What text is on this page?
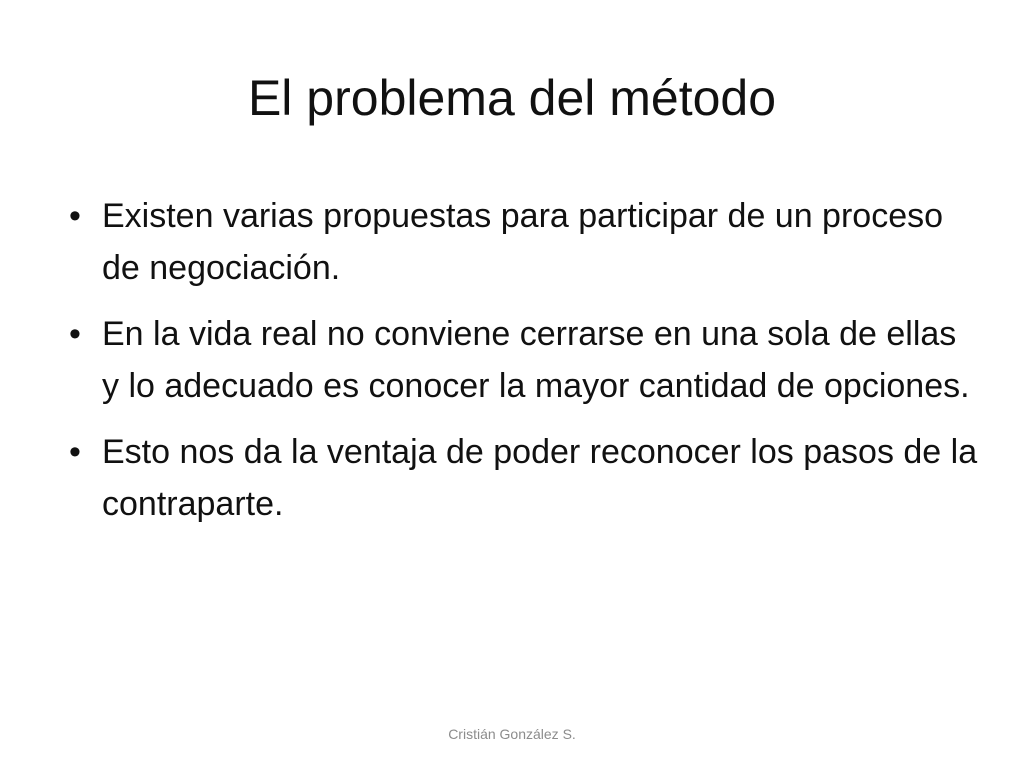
El problema del método
• Existen varias propuestas para participar de un proceso de negociación.
• En la vida real no conviene cerrarse en una sola de ellas y lo adecuado es conocer la mayor cantidad de opciones.
• Esto nos da la ventaja de poder reconocer los pasos de la contraparte.
Cristián González S.
